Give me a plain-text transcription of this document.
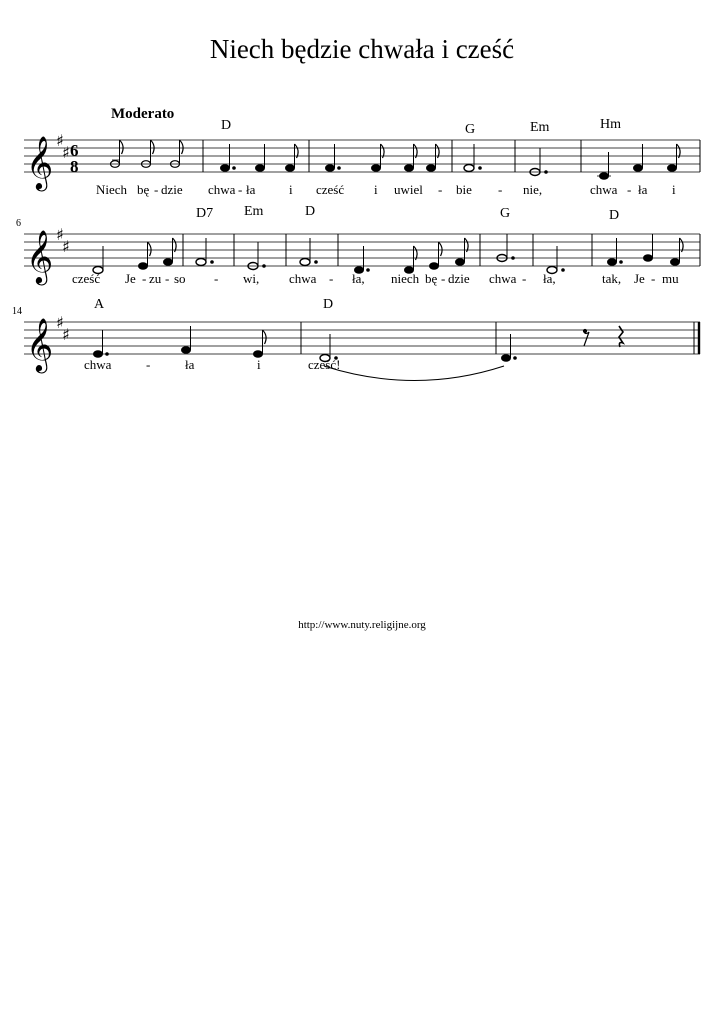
Niech będzie chwała i cześć
Moderato
𝄞 ♯
♯ 6
8
𝄞 ♯
♯
𝄞 ♯
♯
6
14
D	G	Em	Hm
Niech bę - dzie chwa - ła	i cześć i uwiel - bie - nie,	chwa - ła i
D7 Em	D	G	D
cześć Je - zu - so - wi, chwa - ła, niech bę - dzie chwa - ła,	tak, Je - mu
A	D
chwa	-	ła	i	cześć!
http://www.nuty.religijne.org
